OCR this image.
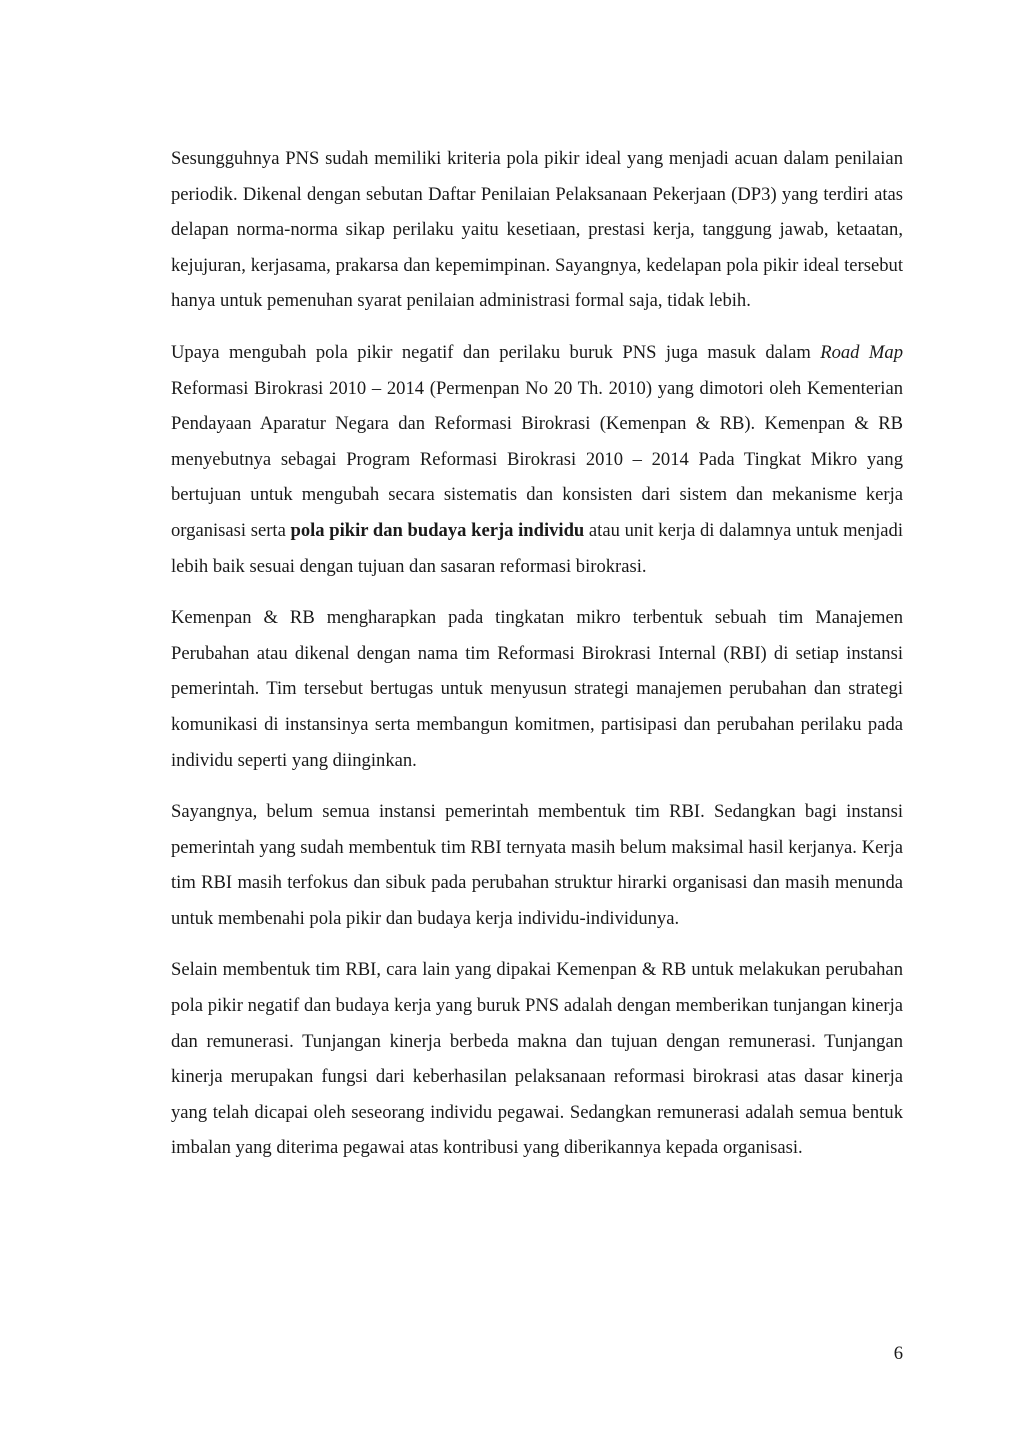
Sesungguhnya PNS sudah memiliki kriteria pola pikir ideal yang menjadi acuan dalam penilaian periodik. Dikenal dengan sebutan Daftar Penilaian Pelaksanaan Pekerjaan (DP3) yang terdiri atas delapan norma-norma sikap perilaku yaitu kesetiaan, prestasi kerja, tanggung jawab, ketaatan, kejujuran, kerjasama, prakarsa dan kepemimpinan. Sayangnya, kedelapan pola pikir ideal tersebut hanya untuk pemenuhan syarat penilaian administrasi formal saja, tidak lebih.

Upaya mengubah pola pikir negatif dan perilaku buruk PNS juga masuk dalam Road Map Reformasi Birokrasi 2010 – 2014 (Permenpan No 20 Th. 2010) yang dimotori oleh Kementerian Pendayaan Aparatur Negara dan Reformasi Birokrasi (Kemenpan & RB). Kemenpan & RB menyebutnya sebagai Program Reformasi Birokrasi 2010 – 2014 Pada Tingkat Mikro yang bertujuan untuk mengubah secara sistematis dan konsisten dari sistem dan mekanisme kerja organisasi serta pola pikir dan budaya kerja individu atau unit kerja di dalamnya untuk menjadi lebih baik sesuai dengan tujuan dan sasaran reformasi birokrasi.

Kemenpan & RB mengharapkan pada tingkatan mikro terbentuk sebuah tim Manajemen Perubahan atau dikenal dengan nama tim Reformasi Birokrasi Internal (RBI) di setiap instansi pemerintah. Tim tersebut bertugas untuk menyusun strategi manajemen perubahan dan strategi komunikasi di instansinya serta membangun komitmen, partisipasi dan perubahan perilaku pada individu seperti yang diinginkan.

Sayangnya, belum semua instansi pemerintah membentuk tim RBI. Sedangkan bagi instansi pemerintah yang sudah membentuk tim RBI ternyata masih belum maksimal hasil kerjanya. Kerja tim RBI masih terfokus dan sibuk pada perubahan struktur hirarki organisasi dan masih menunda untuk membenahi pola pikir dan budaya kerja individu-individunya.

Selain membentuk tim RBI, cara lain yang dipakai Kemenpan & RB untuk melakukan perubahan pola pikir negatif dan budaya kerja yang buruk PNS adalah dengan memberikan tunjangan kinerja dan remunerasi. Tunjangan kinerja berbeda makna dan tujuan dengan remunerasi. Tunjangan kinerja merupakan fungsi dari keberhasilan pelaksanaan reformasi birokrasi atas dasar kinerja yang telah dicapai oleh seseorang individu pegawai. Sedangkan remunerasi adalah semua bentuk imbalan yang diterima pegawai atas kontribusi yang diberikannya kepada organisasi.

6
